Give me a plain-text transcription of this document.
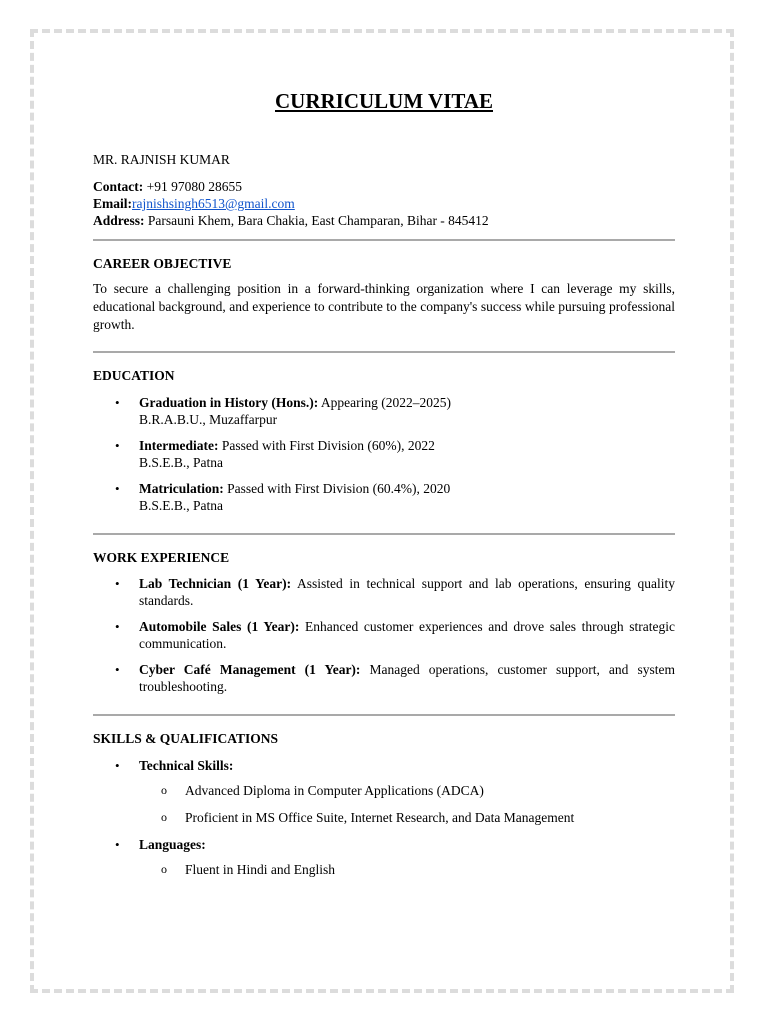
CURRICULUM VITAE
MR. RAJNISH KUMAR
Contact: +91 97080 28655
Email:rajnishsingh6513@gmail.com
Address: Parsauni Khem, Bara Chakia, East Champaran, Bihar - 845412
CAREER OBJECTIVE
To secure a challenging position in a forward-thinking organization where I can leverage my skills, educational background, and experience to contribute to the company's success while pursuing professional growth.
EDUCATION
• Graduation in History (Hons.): Appearing (2022–2025)
B.R.A.B.U., Muzaffarpur
• Intermediate: Passed with First Division (60%), 2022
B.S.E.B., Patna
• Matriculation: Passed with First Division (60.4%), 2020
B.S.E.B., Patna
WORK EXPERIENCE
• Lab Technician (1 Year): Assisted in technical support and lab operations, ensuring quality standards.
• Automobile Sales (1 Year): Enhanced customer experiences and drove sales through strategic communication.
• Cyber Café Management (1 Year): Managed operations, customer support, and system troubleshooting.
SKILLS & QUALIFICATIONS
• Technical Skills:
o Advanced Diploma in Computer Applications (ADCA)
o Proficient in MS Office Suite, Internet Research, and Data Management
• Languages:
o Fluent in Hindi and English
